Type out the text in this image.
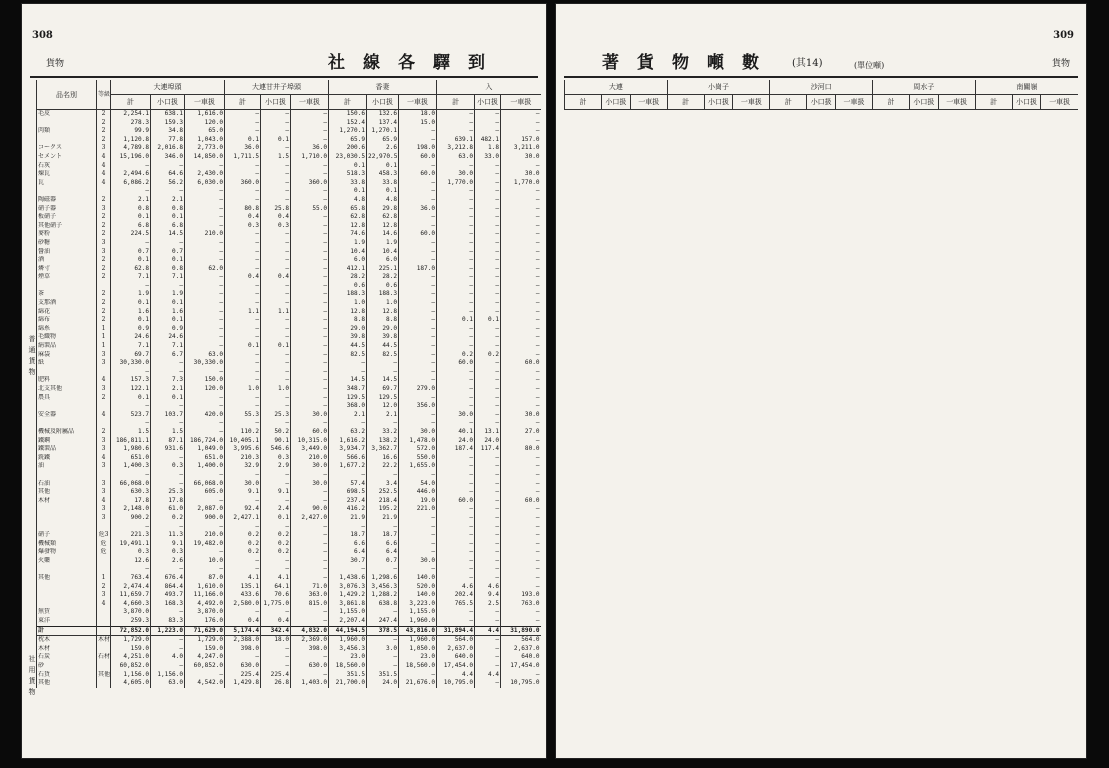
308
貨物	社線各驛到
普通貨物
社用貨物
品名別	等級	大連埠頭			大連甘井子埠頭			香妻			入		
		計	小口扱	一車扱	計	小口扱	一車扱	計	小口扱	一車扱	計	小口扱	一車扱
毛皮	2	2,254.1	638.1	1,616.0	—	—	—	150.6	132.6	18.0	—	—	—
	2	278.3	159.3	120.0	—	—	—	152.4	137.4	15.0	—	—	—
肉類	2	99.9	34.8	65.0	—	—	—	1,270.1	1,270.1	—	—	—	—
	2	1,120.8	77.8	1,043.0	0.1	0.1	—	65.9	65.9	—	639.1	482.1	157.0
コークス	3	4,789.8	2,016.8	2,773.0	36.0	—	36.0	200.6	2.6	198.0	3,212.8	1.8	3,211.0
セメント	4	15,196.0	346.0	14,850.0	1,711.5	1.5	1,710.0	23,030.5	22,970.5	60.0	63.0	33.0	30.0
石灰	4	—	—	—	—	—	—	0.1	0.1	—	—	—	—
煉瓦	4	2,494.6	64.6	2,430.0	—	—	—	518.3	458.3	60.0	30.0	—	30.0
瓦	4	6,086.2	56.2	6,030.0	360.0	—	360.0	33.8	33.8	—	1,770.0	—	1,770.0
		—	—	—	—	—	—	0.1	0.1	—	—	—	—
陶磁器	2	2.1	2.1	—	—	—	—	4.8	4.8	—	—	—	—
硝子器	3	0.8	0.8	—	80.8	25.8	55.0	65.8	29.8	36.0	—	—	—
板硝子	2	0.1	0.1	—	0.4	0.4	—	62.8	62.8	—	—	—	—
其他硝子	2	6.8	6.8	—	0.3	0.3	—	12.8	12.8	—	—	—	—
麥粉	2	224.5	14.5	210.0	—	—	—	74.6	14.6	60.0	—	—	—
砂糖	3	—	—	—	—	—	—	1.9	1.9	—	—	—	—
醤油	3	0.7	0.7	—	—	—	—	10.4	10.4	—	—	—	—
酒	2	0.1	0.1	—	—	—	—	6.0	6.0	—	—	—	—
燐寸	2	62.8	0.8	62.0	—	—	—	412.1	225.1	187.0	—	—	—
煙草	2	7.1	7.1	—	0.4	0.4	—	28.2	28.2	—	—	—	—
		—	—	—	—	—	—	0.6	0.6	—	—	—	—
茶	2	1.9	1.9	—	—	—	—	188.3	188.3	—	—	—	—
支那酒	2	0.1	0.1	—	—	—	—	1.0	1.0	—	—	—	—
綿花	2	1.6	1.6	—	1.1	1.1	—	12.8	12.8	—	—	—	—
綿布	2	0.1	0.1	—	—	—	—	8.8	8.8	—	0.1	0.1	—
綿糸	1	0.9	0.9	—	—	—	—	29.0	29.0	—	—	—	—
毛織物	1	24.6	24.6	—	—	—	—	39.8	39.8	—	—	—	—
絹製品	1	7.1	7.1	—	0.1	0.1	—	44.5	44.5	—	—	—	—
麻袋	3	69.7	6.7	63.0	—	—	—	82.5	82.5	—	0.2	0.2	—
紙	3	30,330.0	—	30,330.0	—	—	—	—	—	—	60.0	—	60.0
		—	—	—	—	—	—	—	—	—	—	—	—
肥料	4	157.3	7.3	150.0	—	—	—	14.5	14.5	—	—	—	—
北支其他	3	122.1	2.1	120.0	1.0	1.0	—	348.7	69.7	279.0	—	—	—
農具	2	0.1	0.1	—	—	—	—	129.5	129.5	—	—	—	—
		—	—	—	—	—	—	368.0	12.0	356.0	—	—	—
安全器	4	523.7	103.7	420.0	55.3	25.3	30.0	2.1	2.1	—	30.0	—	30.0
		—	—	—	—	—	—	—	—	—	—	—	—
機械及附屬品	2	1.5	1.5	—	110.2	50.2	60.0	63.2	33.2	30.0	40.1	13.1	27.0
鐵鋼	3	186,811.1	87.1	186,724.0	10,405.1	90.1	10,315.0	1,616.2	138.2	1,478.0	24.0	24.0	—
鐵製品	3	1,980.6	931.6	1,049.0	3,995.6	546.6	3,449.0	3,934.7	3,362.7	572.0	187.4	117.4	80.0
銑鐵	4	651.0	—	651.0	210.3	0.3	210.0	566.6	16.6	550.0	—	—	—
油	3	1,400.3	0.3	1,400.0	32.9	2.9	30.0	1,677.2	22.2	1,655.0	—	—	—
		—	—	—	—	—	—	—	—	—	—	—	—
石油	3	66,068.0	—	66,068.0	30.0	—	30.0	57.4	3.4	54.0	—	—	—
其他	3	630.3	25.3	605.0	9.1	9.1	—	698.5	252.5	446.0	—	—	—
木材	4	17.8	17.8	—	—	—	—	237.4	218.4	19.0	60.0	—	60.0
	3	2,148.0	61.0	2,087.0	92.4	2.4	90.0	416.2	195.2	221.0	—	—	—
	3	900.2	0.2	900.0	2,427.1	0.1	2,427.0	21.9	21.9	—	—	—	—
		—	—	—	—	—	—	—	—	—	—	—	—
硝子	危3	221.3	11.3	210.0	0.2	0.2	—	18.7	18.7	—	—	—	—
機械類	危	19,491.1	9.1	19,482.0	0.2	0.2	—	6.6	6.6	—	—	—	—
爆發物	危	0.3	0.3	—	0.2	0.2	—	6.4	6.4	—	—	—	—
火藥		12.6	2.6	10.0	—	—	—	30.7	0.7	30.0	—	—	—
		—	—	—	—	—	—	—	—	—	—	—	—
其他	1	763.4	676.4	87.0	4.1	4.1	—	1,438.6	1,298.6	140.0	—	—	—
	2	2,474.4	864.4	1,610.0	135.1	64.1	71.0	3,076.3	3,456.3	520.0	4.6	4.6	—
	3	11,659.7	493.7	11,166.0	433.6	70.6	363.0	1,429.2	1,288.2	140.0	202.4	9.4	193.0
	4	4,660.3	168.3	4,492.0	2,580.0	1,775.0	815.0	3,861.8	638.8	3,223.0	765.5	2.5	763.0
無賃		3,870.0	—	3,870.0	—	—	—	1,155.0	—	1,155.0	—	—	—
東洋		259.3	83.3	176.0	0.4	0.4	—	2,207.4	247.4	1,960.0	—	—	—
計		72,852.0	1,223.0	71,629.0	5,174.4	342.4	4,832.0	44,194.5	378.5	43,816.0	31,894.4	4.4	31,890.0
枕木	木材	1,729.0	—	1,729.0	2,388.0	18.0	2,369.0	1,960.0	—	1,960.0	564.0	—	564.0
木材		159.0	—	159.0	398.0	—	398.0	3,456.3	3.0	1,050.0	2,637.0	—	2,637.0
石炭	石材	4,251.0	4.0	4,247.0	—	—	—	23.0	—	23.0	640.0	—	640.0
砂		60,852.0	—	60,852.0	630.0	—	630.0	18,560.0	—	18,560.0	17,454.0	—	17,454.0
石貨	其他	1,156.0	1,156.0	—	225.4	225.4	—	351.5	351.5	—	4.4	4.4	—
其他		4,605.0	63.0	4,542.0	1,429.8	26.8	1,403.0	21,700.0	24.0	21,676.0	10,795.0	—	10,795.0
309
貨物
著貨物噸數 (其14)	(單位噸)
大連			小崗子			沙河口			周水子			南關嶺		
計	小口扱	一車扱	計	小口扱	一車扱	計	小口扱	一車扱	計	小口扱	一車扱	計	小口扱	一車扱
